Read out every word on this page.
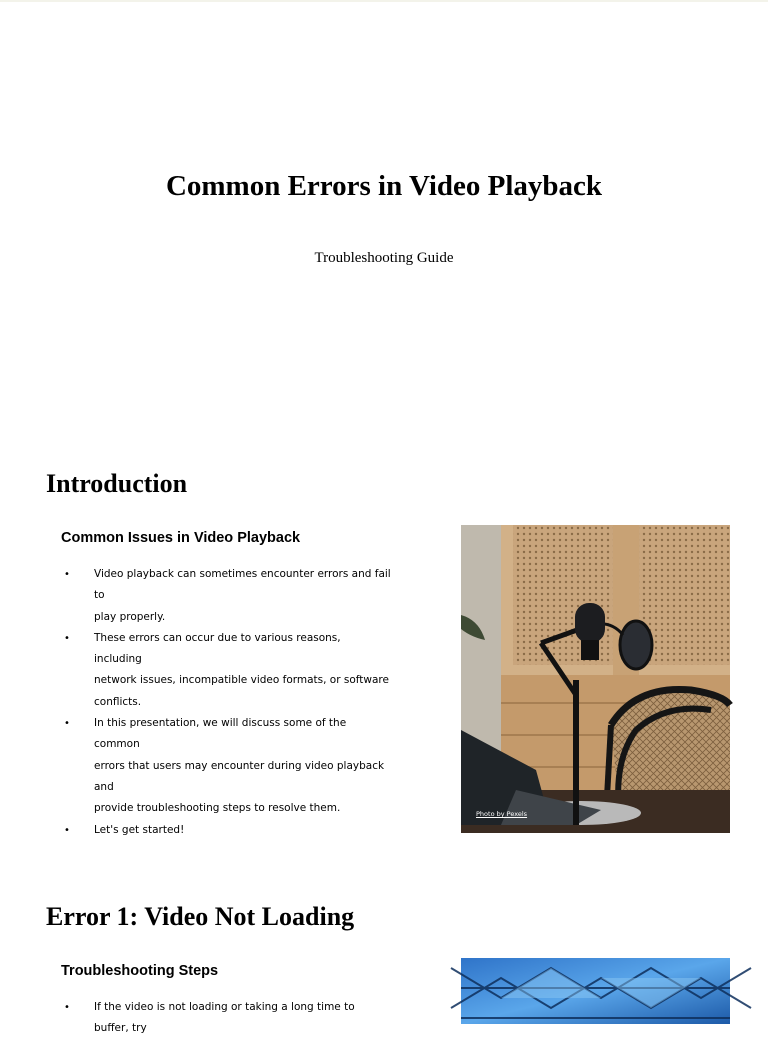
Common Errors in Video Playback
Troubleshooting Guide
Introduction
Common Issues in Video Playback
• Video playback can sometimes encounter errors and fail to
play properly.
• These errors can occur due to various reasons, including
network issues, incompatible video formats, or software
conflicts.
• In this presentation, we will discuss some of the common
errors that users may encounter during video playback and
provide troubleshooting steps to resolve them.
• Let's get started!
Photo by Pexels
Error 1: Video Not Loading
Troubleshooting Steps
• If the video is not loading or taking a long time to buffer, try
